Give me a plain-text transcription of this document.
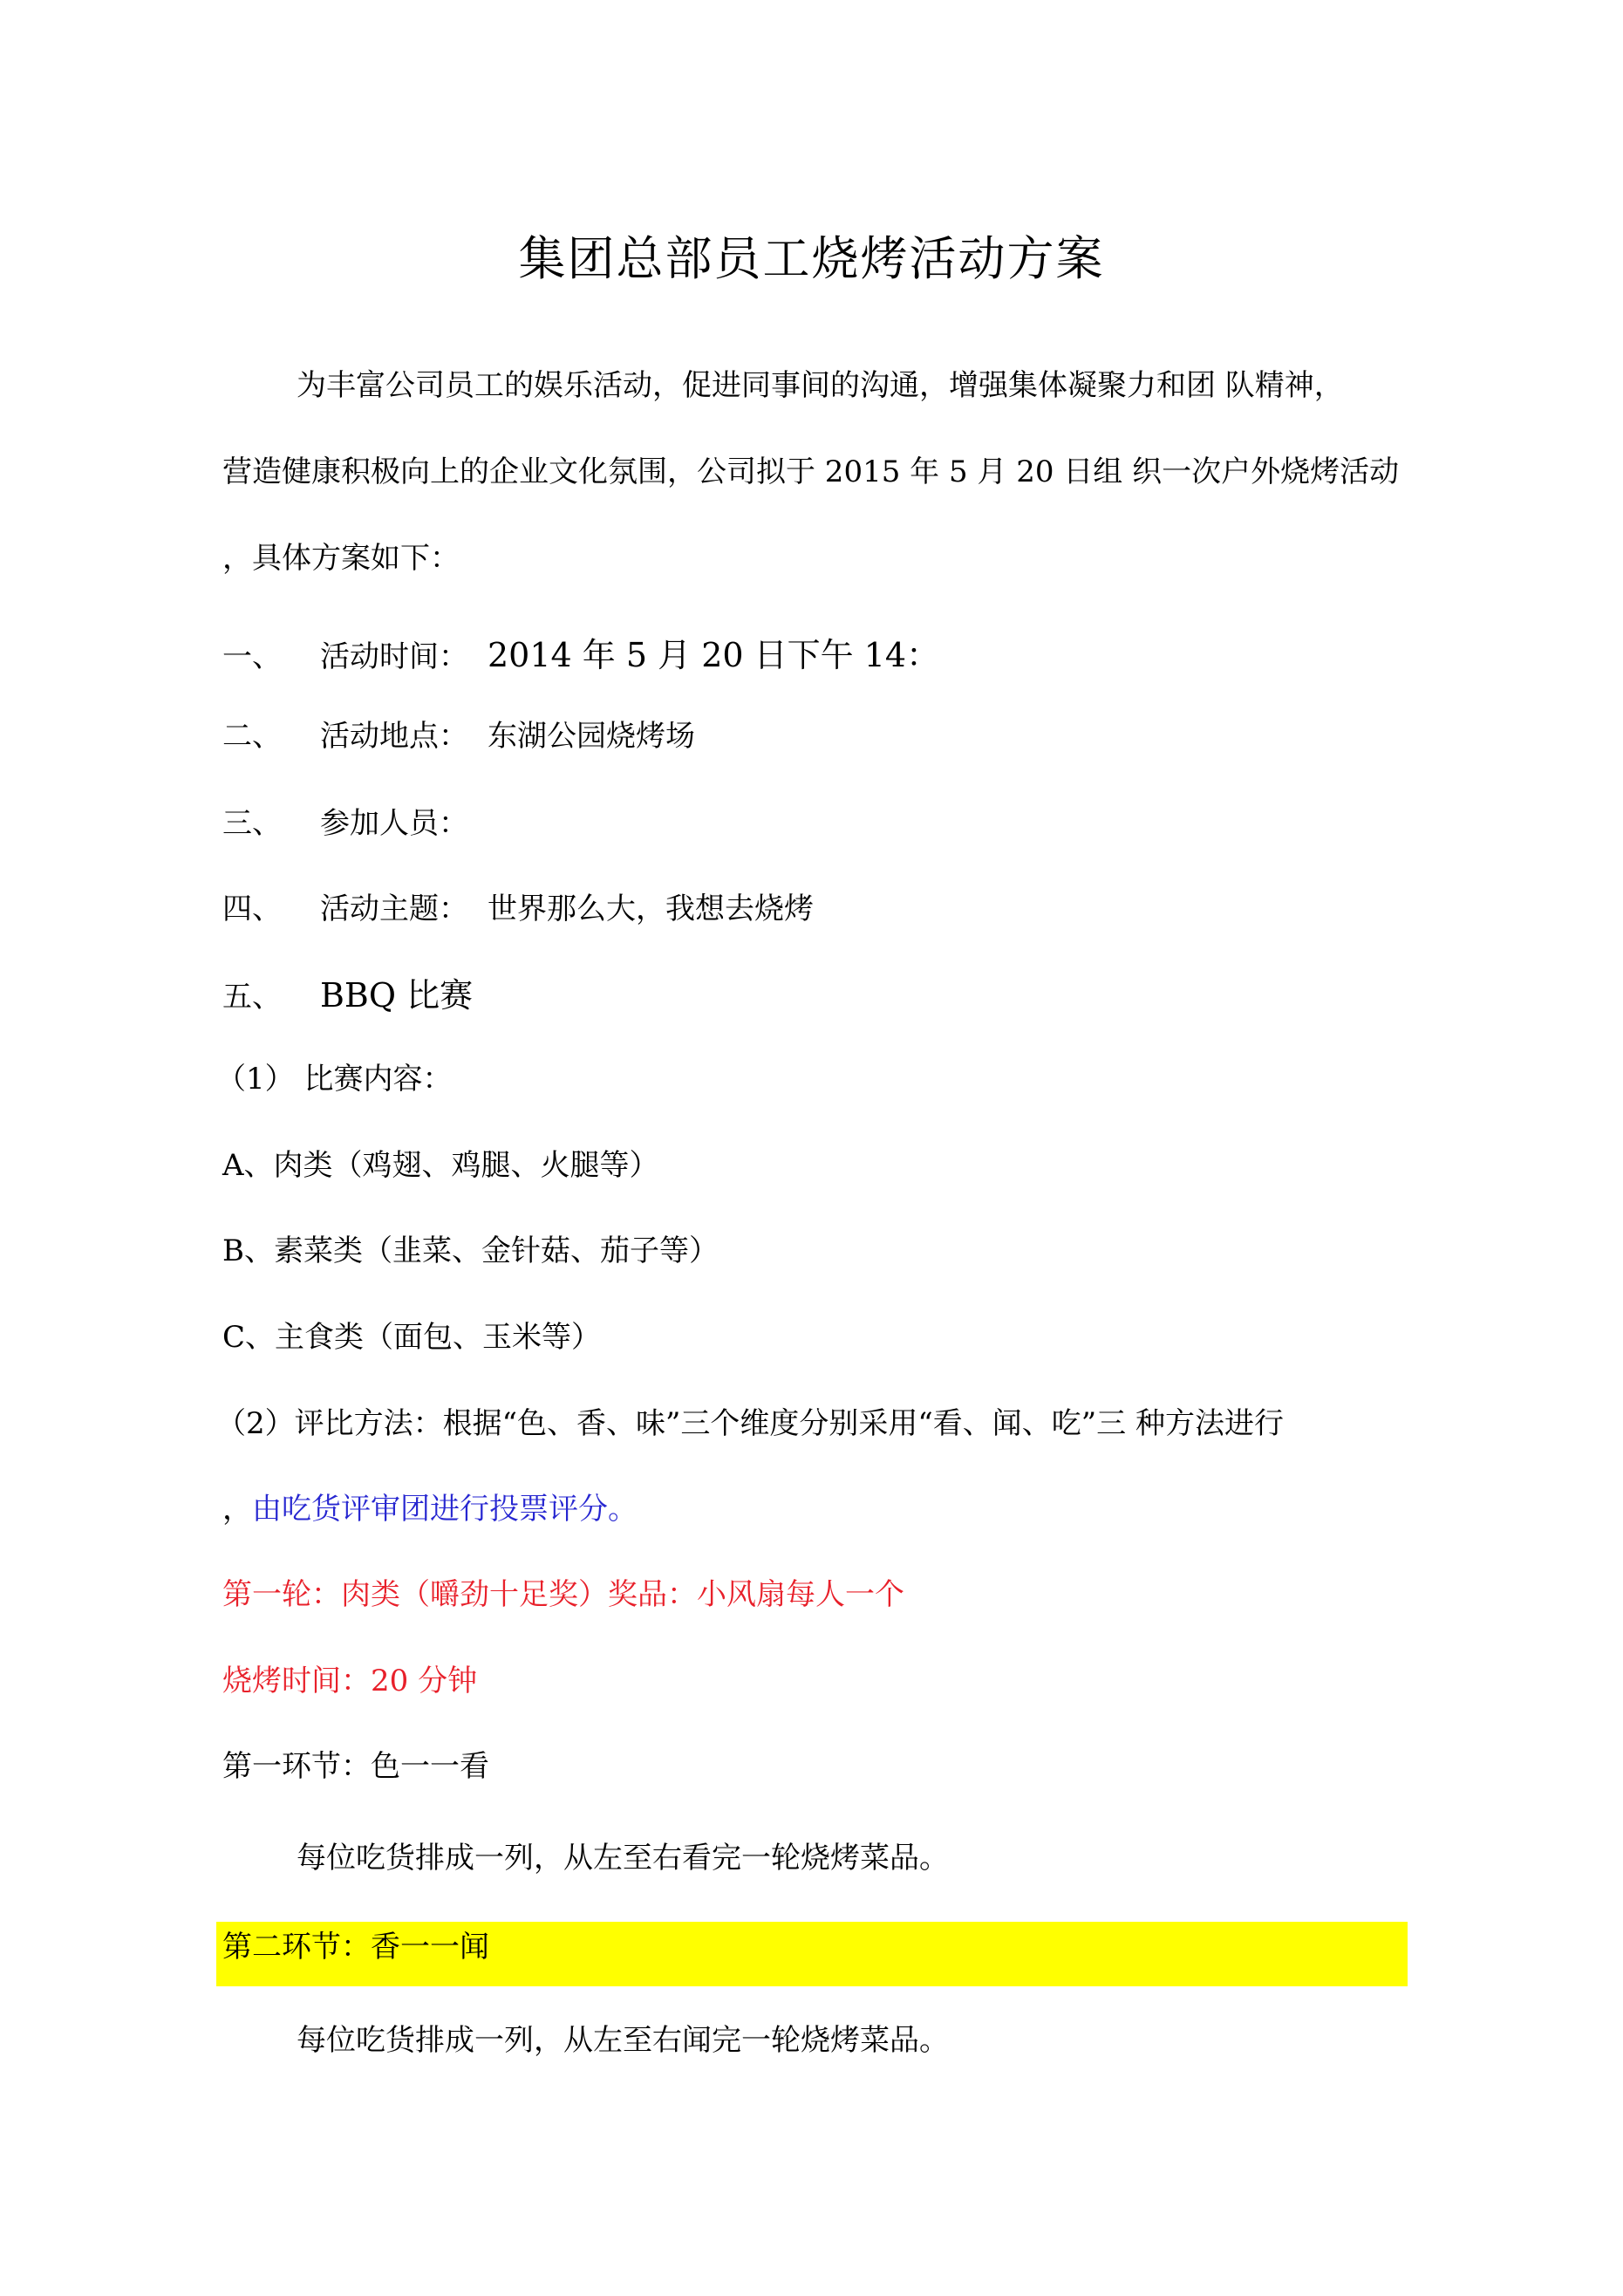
集团总部员工烧烤活动方案
为丰富公司员工的娱乐活动，促进同事间的沟通，增强集体凝聚力和团 队精神，
营造健康积极向上的企业文化氛围，公司拟于 2015 年 5 月 20 日组 织一次户外烧烤活动
，具体方案如下：
一、 活动时间： 2014 年 5 月 20 日下午 14：
二、 活动地点： 东湖公园烧烤场
三、 参加人员：
四、 活动主题： 世界那么大，我想去烧烤
五、 BBQ 比赛
（1） 比赛内容：
A、肉类（鸡翅、鸡腿、火腿等）
B、素菜类（韭菜、金针菇、茄子等）
C、主食类（面包、玉米等）
（2）评比方法：根据“色、香、味”三个维度分别采用“看、闻、吃”三 种方法进行
，由吃货评审团进行投票评分。
第一轮：肉类（嚼劲十足奖）奖品：小风扇每人一个
烧烤时间：20 分钟
第一环节：色一一看
每位吃货排成一列，从左至右看完一轮烧烤菜品。
第二环节：香一一闻
每位吃货排成一列，从左至右闻完一轮烧烤菜品。
